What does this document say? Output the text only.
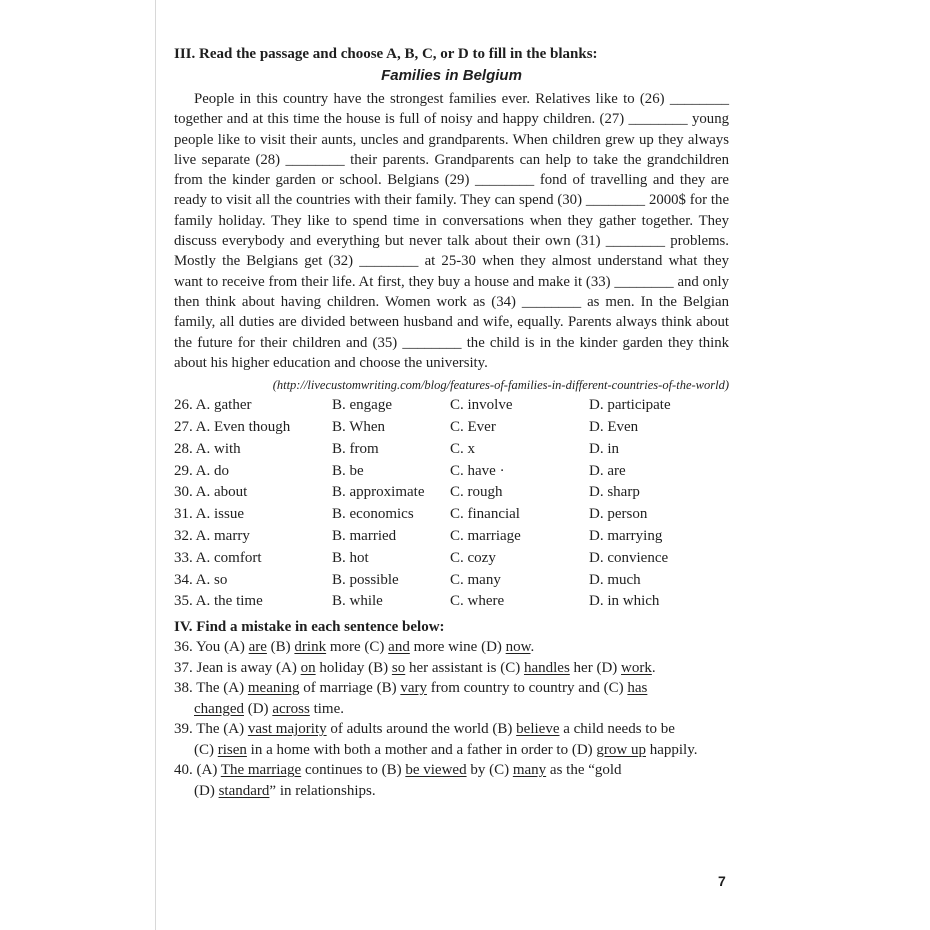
III. Read the passage and choose A, B, C, or D to fill in the blanks:

Families in Belgium

People in this country have the strongest families ever. Relatives like to (26) ________ together and at this time the house is full of noisy and happy children. (27) ________ young people like to visit their aunts, uncles and grandparents. When children grew up they always live separate (28) ________ their parents. Grandparents can help to take the grandchildren from the kinder garden or school. Belgians (29) ________ fond of travelling and they are ready to visit all the countries with their family. They can spend (30) ________ 2000$ for the family holiday. They like to spend time in conversations when they gather together. They discuss everybody and everything but never talk about their own (31) ________ problems. Mostly the Belgians get (32) ________ at 25-30 when they almost understand what they want to receive from their life. At first, they buy a house and make it (33) ________ and only then think about having children. Women work as (34) ________ as men. In the Belgian family, all duties are divided between husband and wife, equally. Parents always think about the future for their children and (35) ________ the child is in the kinder garden they think about his higher education and choose the university.

(http://livecustomwriting.com/blog/features-of-families-in-different-countries-of-the-world)

26. A. gather	B. engage	C. involve	D. participate
27. A. Even though	B. When	C. Ever	D. Even
28. A. with	B. from	C. x	D. in
29. A. do	B. be	C. have ·	D. are
30. A. about	B. approximate	C. rough	D. sharp
31. A. issue	B. economics	C. financial	D. person
32. A. marry	B. married	C. marriage	D. marrying
33. A. comfort	B. hot	C. cozy	D. convience
34. A. so	B. possible	C. many	D. much
35. A. the time	B. while	C. where	D. in which

IV. Find a mistake in each sentence below:

36. You (A) are (B) drink more (C) and more wine (D) now.

37. Jean is away (A) on holiday (B) so her assistant is (C) handles her (D) work.

38. The (A) meaning of marriage (B) vary from country to country and (C) has
changed (D) across time.

39. The (A) vast majority of adults around the world (B) believe a child needs to be
(C) risen in a home with both a mother and a father in order to (D) grow up happily.

40. (A) The marriage continues to (B) be viewed by (C) many as the “gold
(D) standard” in relationships.

7
